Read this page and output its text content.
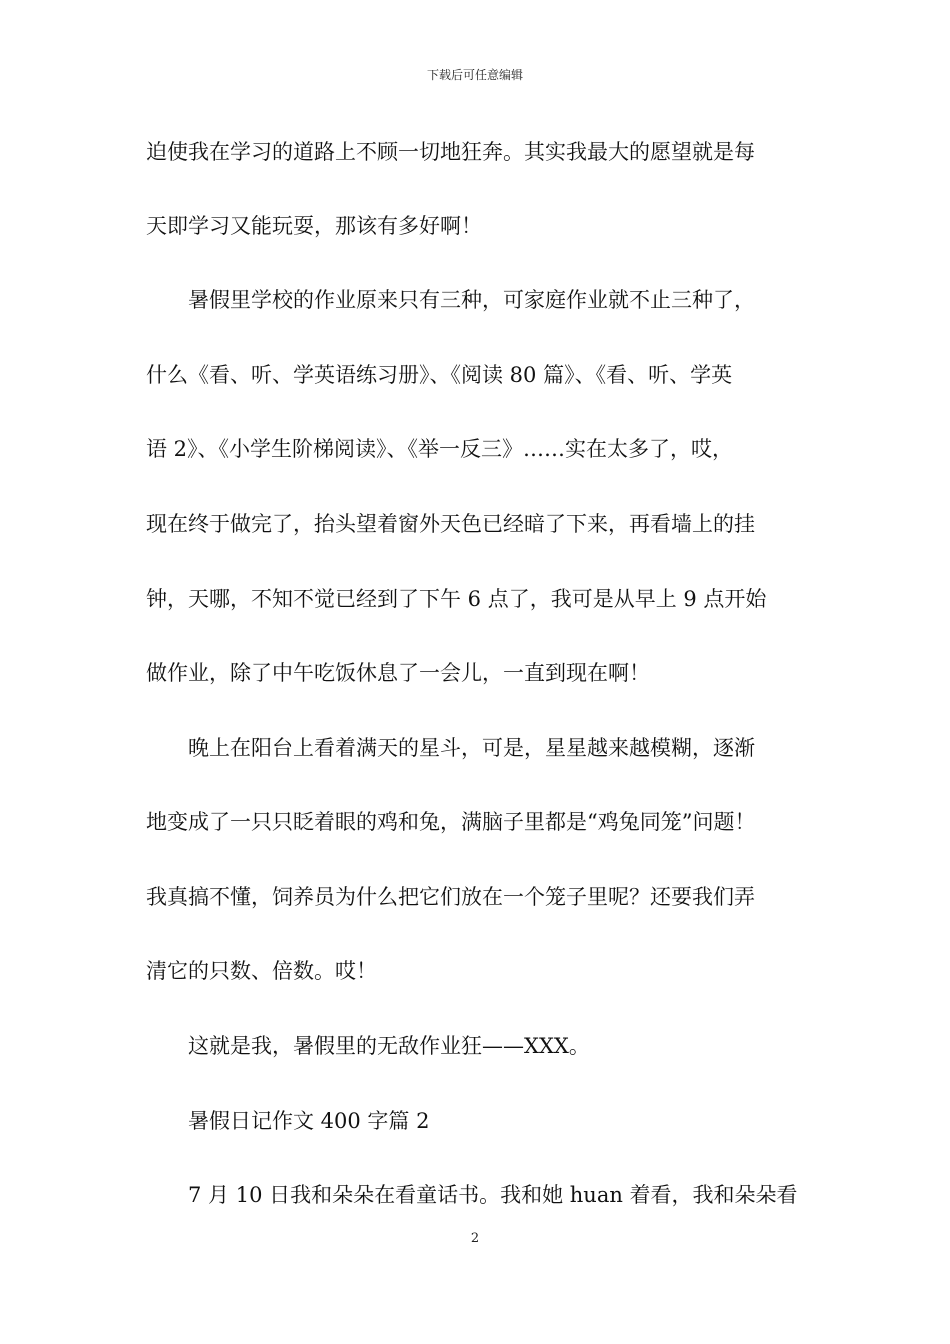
下载后可任意编辑
迫使我在学习的道路上不顾一切地狂奔。其实我最大的愿望就是每
天即学习又能玩耍，那该有多好啊！
暑假里学校的作业原来只有三种，可家庭作业就不止三种了，
什么《看、听、学英语练习册》、《阅读 80 篇》、《看、听、学英
语 2》、《小学生阶梯阅读》、《举一反三》……实在太多了，哎，
现在终于做完了，抬头望着窗外天色已经暗了下来，再看墙上的挂
钟，天哪，不知不觉已经到了下午 6 点了，我可是从早上 9 点开始
做作业，除了中午吃饭休息了一会儿，一直到现在啊！
晚上在阳台上看着满天的星斗，可是，星星越来越模糊，逐渐
地变成了一只只眨着眼的鸡和兔，满脑子里都是“鸡兔同笼”问题！
我真搞不懂，饲养员为什么把它们放在一个笼子里呢？还要我们弄
清它的只数、倍数。哎！
这就是我，暑假里的无敌作业狂——XXX。
暑假日记作文 400 字篇 2
7 月 10 日我和朵朵在看童话书。我和她 huan 着看，我和朵朵看
2
